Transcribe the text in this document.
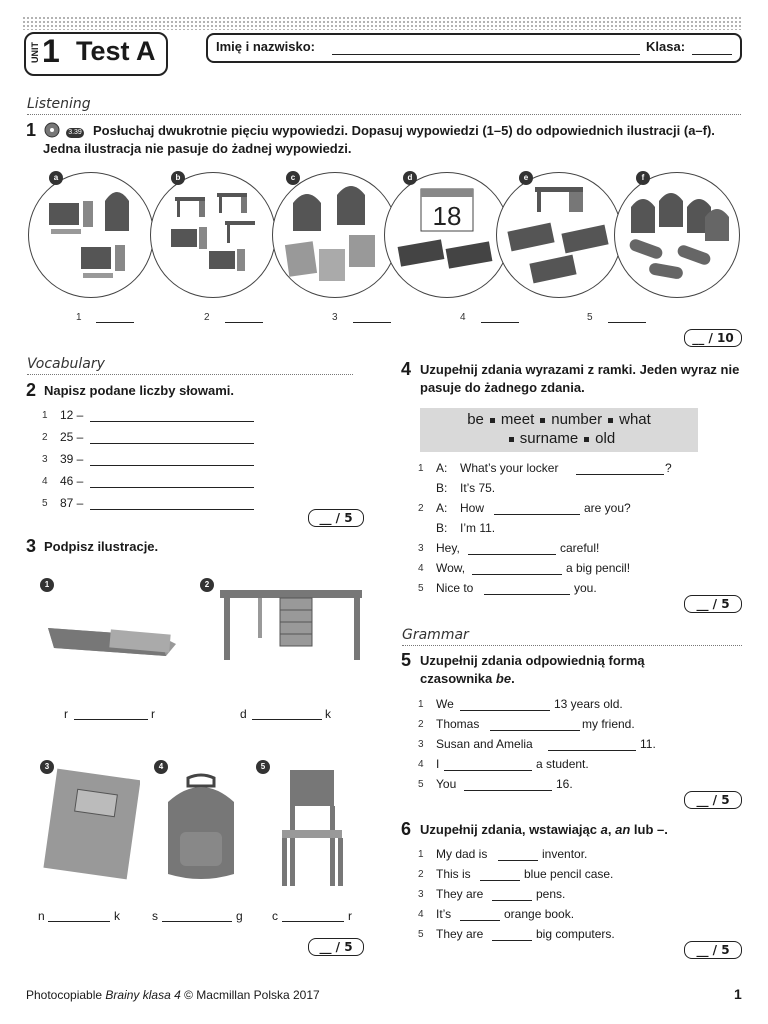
UNIT 1 Test A	Imię i nazwisko:	Klasa:
Listening
1	3.39 Posłuchaj dwukrotnie pięciu wypowiedzi. Dopasuj wypowiedzi (1–5) do odpowiednich ilustracji (a–f). Jedna ilustracja nie pasuje do żadnej wypowiedzi.
18
a	b	c	d	e	f
1	2	3	4	5
__ / 10
Vocabulary
2 Napisz podane liczby słowami.
1 12 –
2 25 –
3 39 –
4 46 –
5 87 –
__ / 5
3 Podpisz ilustracje.
1	2
r	r	d	k
3	4	5
n	k	s	g c	r
__ / 5
4 Uzupełnij zdania wyrazami z ramki. Jeden wyraz nie pasuje do żadnego zdania.
be meet number what
surname old
1 A: What’s your locker	?
B: It’s 75.
2 A: How	are you?
B: I’m 11.
3 Hey,	careful!
4 Wow,	a big pencil!
5 Nice to	you.
__ / 5
Grammar
5 Uzupełnij zdania odpowiednią formą
czasownika be.
1 We	13 years old.
2 Thomas	my friend.
3 Susan and Amelia	11.
4 I	a student.
5 You	16.
__ / 5
6 Uzupełnij zdania, wstawiając a, an lub –.
1 My dad is	inventor.
2 This is	blue pencil case.
3 They are	pens.
4 It’s	orange book.
5 They are	big computers.
__ / 5
Photocopiable Brainy klasa 4 © Macmillan Polska 2017	1
